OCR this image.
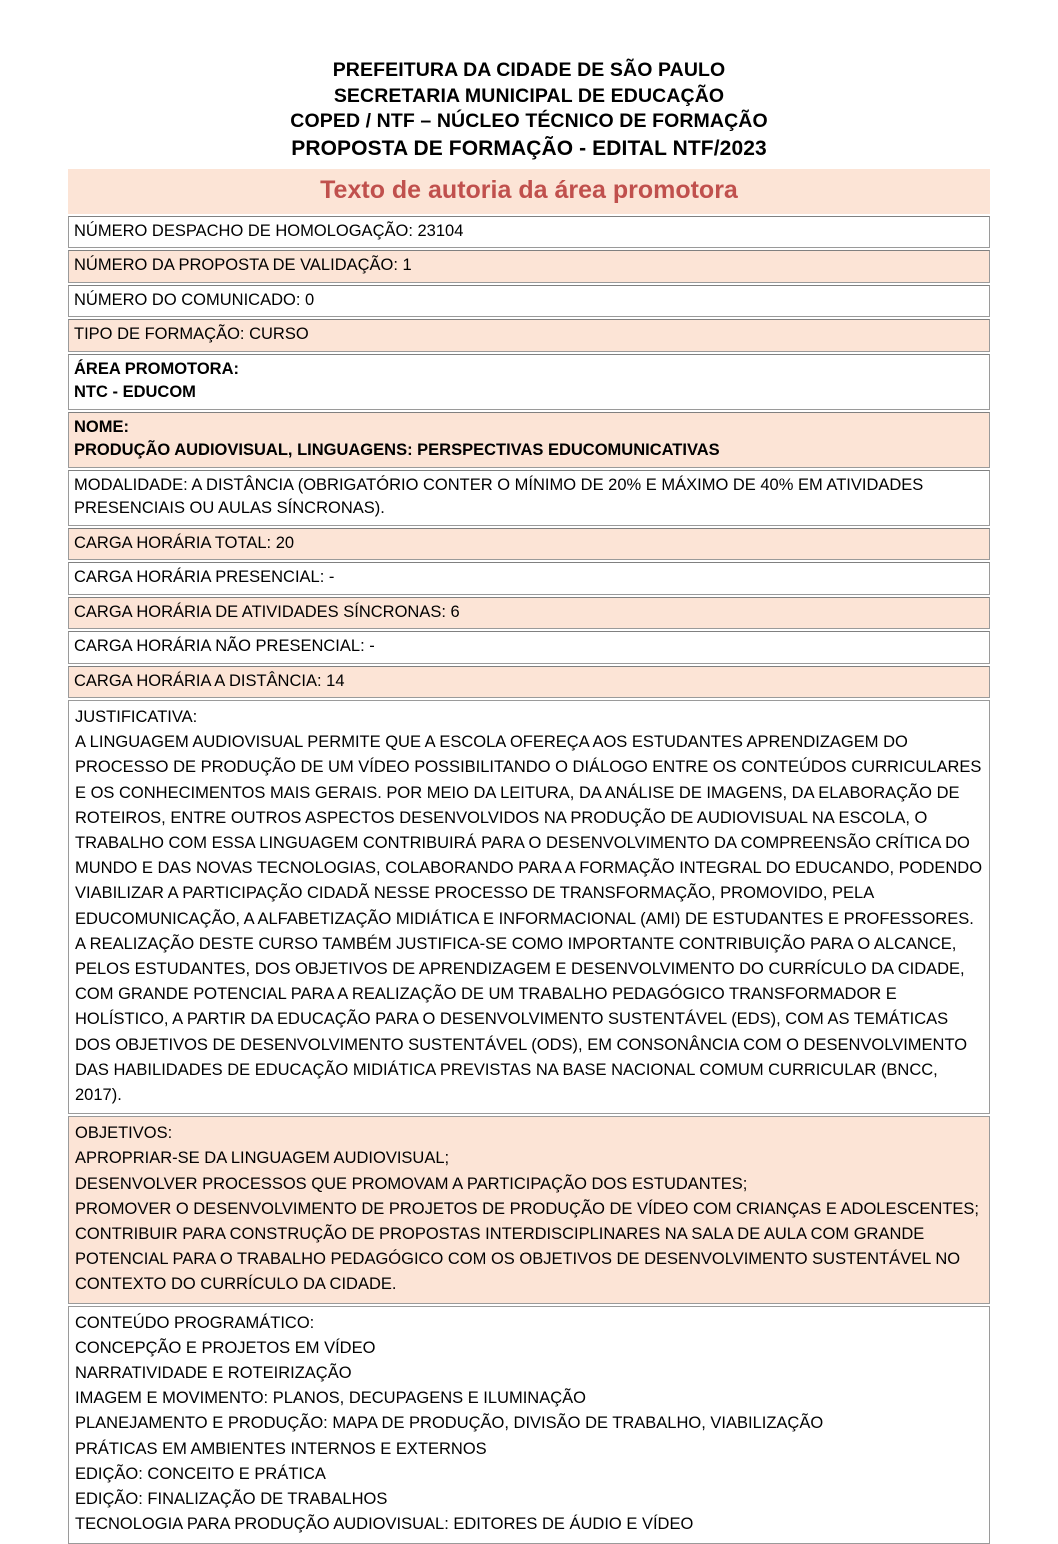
PREFEITURA DA CIDADE DE SÃO PAULO
SECRETARIA MUNICIPAL DE EDUCAÇÃO
COPED / NTF – NÚCLEO TÉCNICO DE FORMAÇÃO
PROPOSTA DE FORMAÇÃO - EDITAL NTF/2023
Texto de autoria da área promotora
NÚMERO DESPACHO DE HOMOLOGAÇÃO: 23104
NÚMERO DA PROPOSTA DE VALIDAÇÃO: 1
NÚMERO DO COMUNICADO: 0
TIPO DE FORMAÇÃO: CURSO
ÁREA PROMOTORA:
NTC - EDUCOM
NOME:
PRODUÇÃO AUDIOVISUAL, LINGUAGENS: PERSPECTIVAS EDUCOMUNICATIVAS
MODALIDADE: A DISTÂNCIA (OBRIGATÓRIO CONTER O MÍNIMO DE 20% E MÁXIMO DE 40% EM ATIVIDADES PRESENCIAIS OU AULAS SÍNCRONAS).
CARGA HORÁRIA TOTAL: 20
CARGA HORÁRIA PRESENCIAL: -
CARGA HORÁRIA DE ATIVIDADES SÍNCRONAS: 6
CARGA HORÁRIA NÃO PRESENCIAL: -
CARGA HORÁRIA A DISTÂNCIA: 14

JUSTIFICATIVA:

A LINGUAGEM AUDIOVISUAL PERMITE QUE A ESCOLA OFEREÇA AOS ESTUDANTES APRENDIZAGEM DO PROCESSO DE PRODUÇÃO DE UM VÍDEO POSSIBILITANDO O DIÁLOGO ENTRE OS CONTEÚDOS CURRICULARES E OS CONHECIMENTOS MAIS GERAIS. POR MEIO DA LEITURA, DA ANÁLISE DE IMAGENS, DA ELABORAÇÃO DE ROTEIROS, ENTRE OUTROS ASPECTOS DESENVOLVIDOS NA PRODUÇÃO DE AUDIOVISUAL NA ESCOLA, O TRABALHO COM ESSA LINGUAGEM CONTRIBUIRÁ PARA O DESENVOLVIMENTO DA COMPREENSÃO CRÍTICA DO MUNDO E DAS NOVAS TECNOLOGIAS, COLABORANDO PARA A FORMAÇÃO INTEGRAL DO EDUCANDO, PODENDO VIABILIZAR A PARTICIPAÇÃO CIDADÃ NESSE PROCESSO DE TRANSFORMAÇÃO, PROMOVIDO, PELA EDUCOMUNICAÇÃO, A ALFABETIZAÇÃO MIDIÁTICA E INFORMACIONAL (AMI) DE ESTUDANTES E PROFESSORES. A REALIZAÇÃO DESTE CURSO TAMBÉM JUSTIFICA-SE COMO IMPORTANTE CONTRIBUIÇÃO PARA O ALCANCE, PELOS ESTUDANTES, DOS OBJETIVOS DE APRENDIZAGEM E DESENVOLVIMENTO DO CURRÍCULO DA CIDADE, COM GRANDE POTENCIAL PARA A REALIZAÇÃO DE UM TRABALHO PEDAGÓGICO TRANSFORMADOR E HOLÍSTICO, A PARTIR DA EDUCAÇÃO PARA O DESENVOLVIMENTO SUSTENTÁVEL (EDS), COM AS TEMÁTICAS DOS OBJETIVOS DE DESENVOLVIMENTO SUSTENTÁVEL (ODS), EM CONSONÂNCIA COM O DESENVOLVIMENTO DAS HABILIDADES DE EDUCAÇÃO MIDIÁTICA PREVISTAS NA BASE NACIONAL COMUM CURRICULAR (BNCC, 2017).

OBJETIVOS:

APROPRIAR-SE DA LINGUAGEM AUDIOVISUAL;

DESENVOLVER PROCESSOS QUE PROMOVAM A PARTICIPAÇÃO DOS ESTUDANTES;

PROMOVER O DESENVOLVIMENTO DE PROJETOS DE PRODUÇÃO DE VÍDEO COM CRIANÇAS E ADOLESCENTES;

CONTRIBUIR PARA CONSTRUÇÃO DE PROPOSTAS INTERDISCIPLINARES NA SALA DE AULA COM GRANDE POTENCIAL PARA O TRABALHO PEDAGÓGICO COM OS OBJETIVOS DE DESENVOLVIMENTO SUSTENTÁVEL NO CONTEXTO DO CURRÍCULO DA CIDADE.

CONTEÚDO PROGRAMÁTICO:

CONCEPÇÃO E PROJETOS EM VÍDEO

NARRATIVIDADE E ROTEIRIZAÇÃO

IMAGEM E MOVIMENTO: PLANOS, DECUPAGENS E ILUMINAÇÃO

PLANEJAMENTO E PRODUÇÃO: MAPA DE PRODUÇÃO, DIVISÃO DE TRABALHO, VIABILIZAÇÃO

PRÁTICAS EM AMBIENTES INTERNOS E EXTERNOS

EDIÇÃO: CONCEITO E PRÁTICA

EDIÇÃO: FINALIZAÇÃO DE TRABALHOS

TECNOLOGIA PARA PRODUÇÃO AUDIOVISUAL: EDITORES DE ÁUDIO E VÍDEO
